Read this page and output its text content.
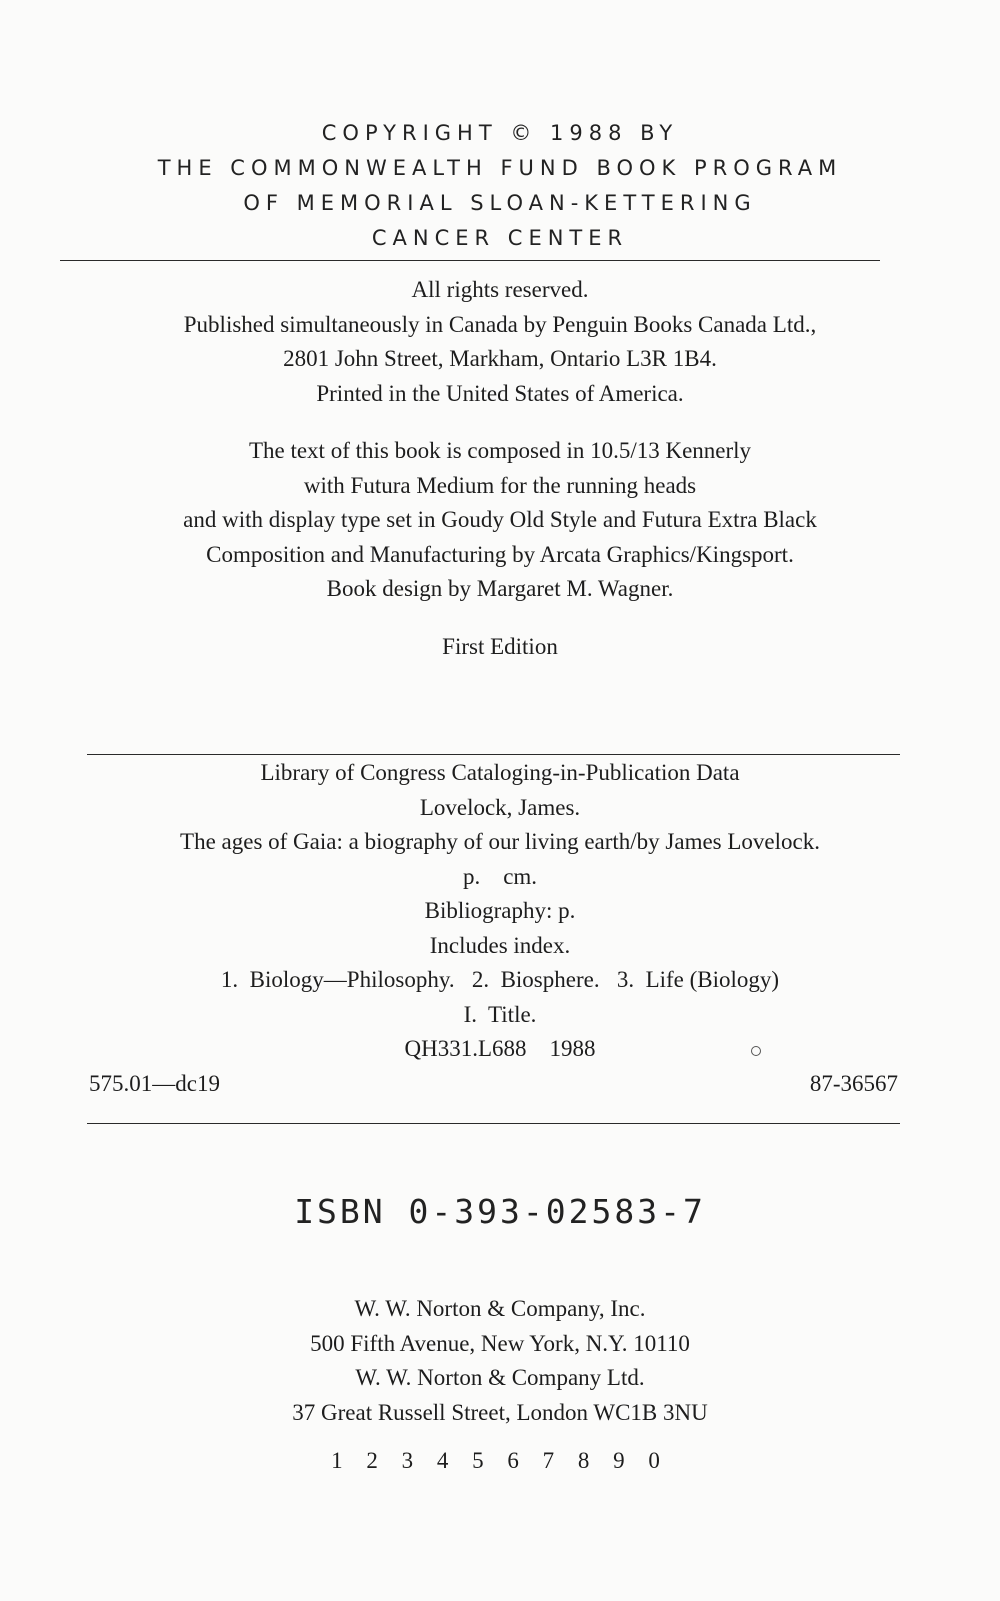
COPYRIGHT © 1988 BY
THE COMMONWEALTH FUND BOOK PROGRAM
OF MEMORIAL SLOAN-KETTERING
CANCER CENTER
All rights reserved.
Published simultaneously in Canada by Penguin Books Canada Ltd.,
2801 John Street, Markham, Ontario L3R 1B4.
Printed in the United States of America.
The text of this book is composed in 10.5/13 Kennerly
with Futura Medium for the running heads
and with display type set in Goudy Old Style and Futura Extra Black
Composition and Manufacturing by Arcata Graphics/Kingsport.
Book design by Margaret M. Wagner.
First Edition
Library of Congress Cataloging-in-Publication Data
Lovelock, James.
The ages of Gaia: a biography of our living earth/by James Lovelock.
p.    cm.
Bibliography: p.
Includes index.
1.  Biology—Philosophy.   2.  Biosphere.   3.  Life (Biology)
I.  Title.
QH331.L688    1988
575.01—dc19	87-36567
ISBN 0-393-02583-7
W. W. Norton & Company, Inc.
500 Fifth Avenue, New York, N.Y. 10110
W. W. Norton & Company Ltd.
37 Great Russell Street, London WC1B 3NU
1 2 3 4 5 6 7 8 9 0
